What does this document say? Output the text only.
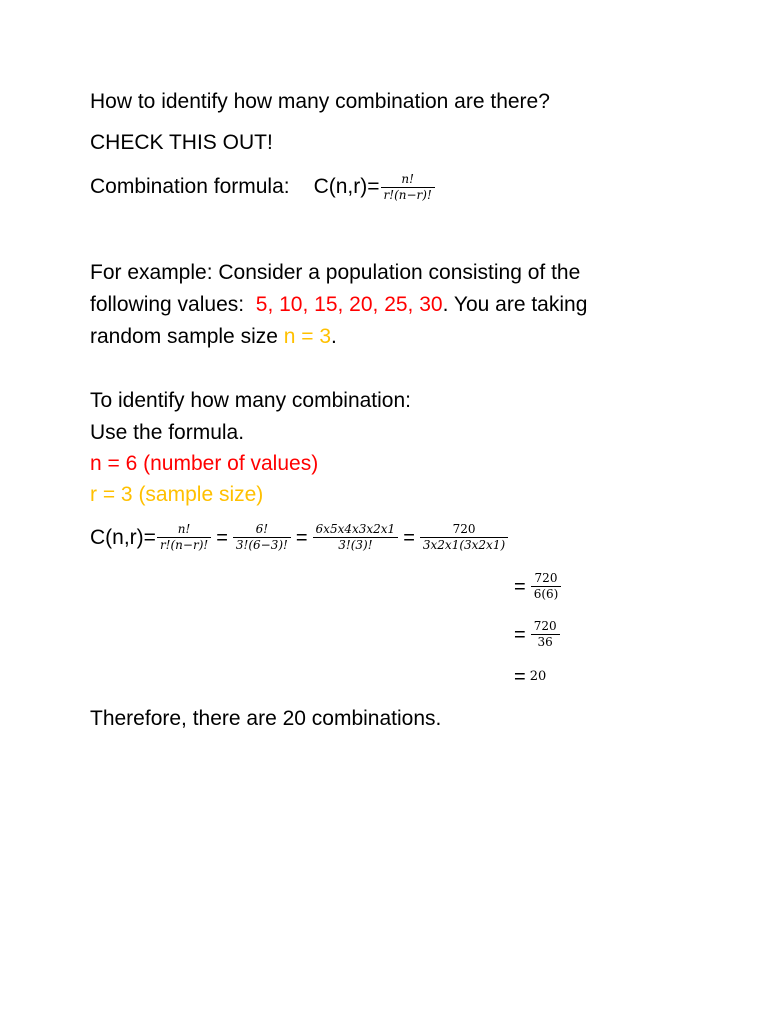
How to identify how many combination are there?
CHECK THIS OUT!
Combination formula: $C(n,r)= \frac{n!}{r!(n-r)!}$
For example: Consider a population consisting of the
following values: 5, 10, 15, 20, 25, 30. You are taking
random sample size n = 3.
To identify how many combination:
Use the formula.
n = 6 (number of values)
r = 3 (sample size)
$C(n,r)= \frac{n!}{r!(n-r)!} = \frac{6!}{3!(6-3)!} = \frac{6x5x4x3x2x1}{3!(3)!} = \frac{720}{3x2x1(3x2x1)}$
= $\frac{720}{6(6)}$
= $\frac{720}{36}$
= 20
Therefore, there are 20 combinations.
